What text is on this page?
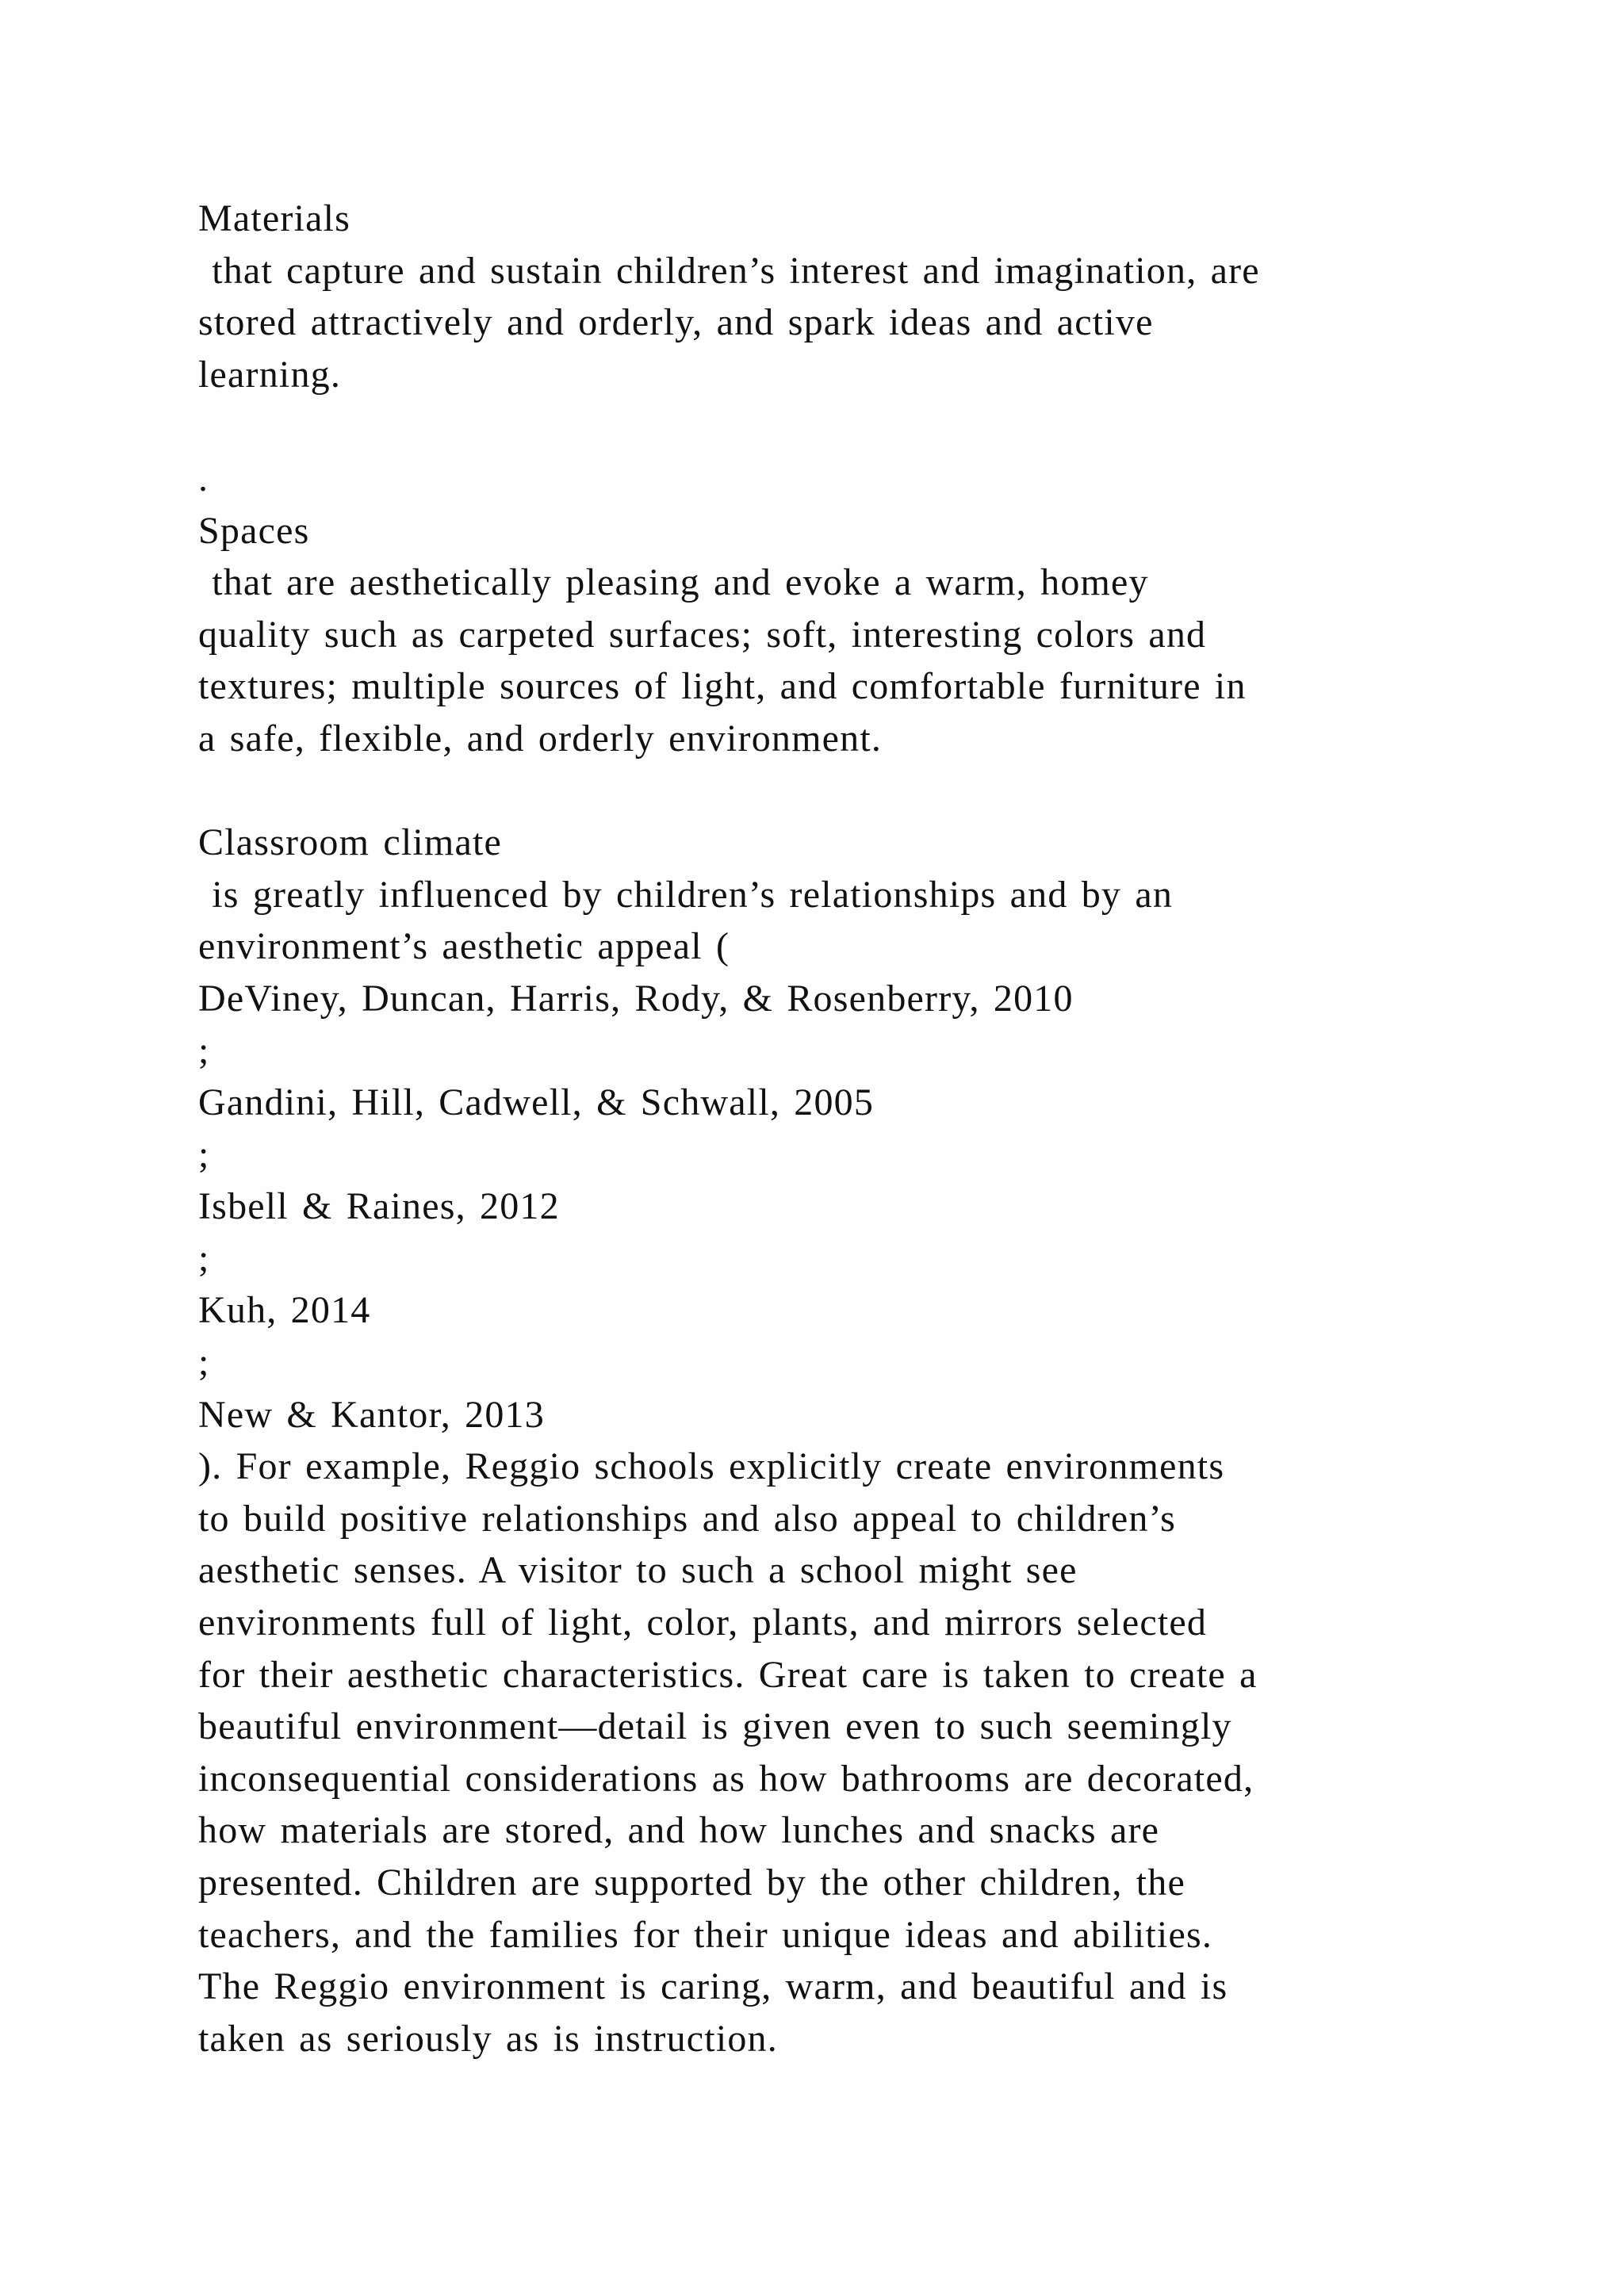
Materials
that capture and sustain children’s interest and imagination, are
stored attractively and orderly, and spark ideas and active
learning.
.
Spaces
that are aesthetically pleasing and evoke a warm, homey
quality such as carpeted surfaces; soft, interesting colors and
textures; multiple sources of light, and comfortable furniture in
a safe, flexible, and orderly environment.
Classroom climate
is greatly influenced by children’s relationships and by an
environment’s aesthetic appeal (
DeViney, Duncan, Harris, Rody, & Rosenberry, 2010
;
Gandini, Hill, Cadwell, & Schwall, 2005
;
Isbell & Raines, 2012
;
Kuh, 2014
;
New & Kantor, 2013
). For example, Reggio schools explicitly create environments
to build positive relationships and also appeal to children’s
aesthetic senses. A visitor to such a school might see
environments full of light, color, plants, and mirrors selected
for their aesthetic characteristics. Great care is taken to create a
beautiful environment—detail is given even to such seemingly
inconsequential considerations as how bathrooms are decorated,
how materials are stored, and how lunches and snacks are
presented. Children are supported by the other children, the
teachers, and the families for their unique ideas and abilities.
The Reggio environment is caring, warm, and beautiful and is
taken as seriously as is instruction.
